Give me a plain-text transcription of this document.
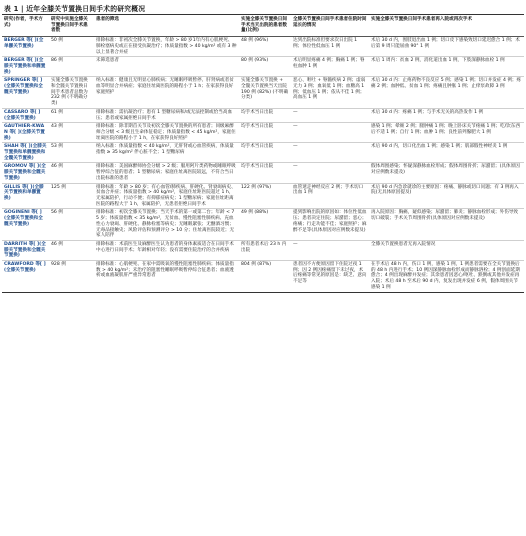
表 1 | 近年全膝关节置换日间手术的研究概况
研究(作者，手术方式)	研究中实施全膝关节置换日间手术患者数	患者的筛选	实施全膝关节置换日间手术当天出院的患者数量(比例)	全膝关节置换日间手术患者住院时间延长的情况	实施全膝关节置换日间手术患者再入院或再次手术
BERGER 等[ ](全单髁关节置换)	50 例	排除标准：非初次全膝关节置换，年龄 > 80 岁1年内有心肌梗死、肺栓塞病史或正在接受抗凝治疗；体质量指数 > 40 kg/m² 或有 3 种以上显著合并症	48 例 (96%)	达到出院标准但要求次日出院 1 例；体位性低血压 1 例	术后 30 d 内，围肢退出血 1 例；切口皮下感染致切口延迟愈合 1 例；术后第 9 周只能屈曲 90° 1 例
BERGER 等[ ](全膝关节置换和单髁置换)	86 例	未筛选患者	80 例 (93%)	术后明显疼痛 4 例；胸痛 1 例；脊柱血肿 1 例	术后 1 周内：贫血 2 例，消化道出血 1 例，下肢深静脉血栓 1 例
SPRINGER 等[ ](全膝关节置换和全髋关节置换)	实施全膝关节置换和全髋关节置换日间手术患者总数为 232 例 (不明确分类)	纳入标准：健康且无明显心肺疾病；无睡眠呼吸暂停、肝肾病或者贫血等明显合并病症；家庭住址离医院的路程小于 1 h；在家获得良好家庭照护	实施全膝关节置换 + 全髋关节置换当天出院 190 例 (82%) (不明确分类)	恶心、呕吐 + 脊髓疾病 2 例；虚弱无力 3 例；血氧低 1 例；血糖高 1 例；低血压 1 例；依从不佳 1 例；高血压 1 例	术后 30 d 内：止疼药物不良反应 5 例；感染 1 例；切口并发症 4 例；疼痛 2 例；血肿低、贫血 1 例；疼痛且肿胀 1 例；止痒泵故障 3 例
CASSARO 等[ ](全膝关节置换)	61 例	排除标准：需抗凝治疗；患有 1 型糖尿病和/或无法控制或恰当高血压；患者或家属拒绝日间手术	均手术当日出院	—	术后 30 d 内：疼痛 1 例；与手术无关的高热发作 1 例
GAUTHIER-KWAN 等[ ](全膝关节置换)	43 例	排除标准：除非期首关节及初次全膝关节置换的所有患者；同级麻醉师合分级 < 3 级且生命体征稳定；体质量指数 < 45 kg/m²，家庭住址离医院的路程小于 1 h，在家获得良好照护	均手术当日出院	—	感染 1 例；晕厥 2 例；腿肿痛 1 例；晚上卧床关节疼痛 1 例；吃/饮东西后不适 1 例；自行 1 例；血肿 1 例；良性前列腺肥大 1 例
SHAH 等[ ](全膝关节置换和单髁置换和全髋关节置换)	53 例	纳入标准：体质量指数 < 40 kg/m²，无肝肾或心血管疾病，体质量指数 ≥ 35 kg/m² 伴心脏不全；1 型糖尿病	均手术当日出院	—	术后 90 d 内，切口化出血 1 例；感染 1 例；肌部假性神经炎 1 例
GROMOV 等[ ](全膝关节置换和全髋关节置换)	46 例	排除标准：美国麻醉师协会分级 > 2 级；服用阿片类药物或睡眠呼吸暂停综合征的患者；1 型糖尿病；家庭住址离医院较远，不符合当日出院标准的患者	均手术当日出院	—	假体周围感染；怀疑深静脉血栓形成；假体周围骨折；尿潴留；(具体原因对应例数未提及)
GILLIS 等[ ](全膝关节置换和单髁置换)	125 例	排除标准：年龄 > 80 岁；有心血管/肺疾病、肝硬化、肾衰竭病史、贫血合并症；体质量指数 > 40 kg/m²，家庭住址距医院超过 1 h，无家属陪护，行动不便；有抑郁症病史；1 型糖尿病；家庭住址距离医院的路程大于 1 h，家属陪护，无患者拒绝日间手术	122 例 (97%)	血管迷走神经反应 2 例；手术切口出血 1 例	术后 90 d 内急诊就诊的主要原因：疼痛、静脉或切口问题；有 3 例再入院(无具体原因提及)
GOGINENI 等[ ](全膝关节置换和全髋关节置换)	56 例	排除标准：初次全膝关节置换；当天手术的第一或第二台；年龄 < 75 岁；体质量指数 < 35 kg/m²，无贫血、慢性阻塞性肺疾病、充血性心力衰竭、肝硬化、静脉栓塞等病史；无睡眠紧张；无酗酒习惯；无毒品接触史；风险评估和预测评分 > 10 分；住址离医院较近；无家人陪伴	49 例 (88%)	提到影响出院的原因如：体位性低血压；患者决定住院；尿潴留；恶心；疼痛；行走功能不佳；家庭照护；麻醉不足等(具体原因对应例数未提及)	再入院原因：胸痛，疑似感染；尿潴留；肺炎；静脉血栓形成；外伤导致切口破裂；手术关节周围骨折(具体原因对应例数未提及)
DARRITH 等[ ](全膝关节置换和全髋关节置换)	46 例	排除标准：术前医生及麻醉医生认为患者的身体素质适合在日间手术中心进行日间手术；年龄相对年轻；没有需要住院治疗的合并疾病	所有患者术后 23 h 内出院	—	全膝关节置换患者无再入院情况
CRAWFORD 等[ ](全膝关节置换)	928 例	排除标准：心肌梗死、在家中需吸氧的慢性阻塞性肺疾病；体质量指数 > 40 kg/m²；未治疗的阻塞性睡眠呼吸暂停综合征患者；血液透析或血液凝肌肝严重异常患者	804 例 (87%)	患者因不方便原因留下住院过夜 1 例；因 2 例因疼痛留下未过夜，术后疼痛等常见的原因是：缺乏、意向不足等	在手术后 48 h 内，伤口 1 例，感染 1 例，1 例患者需要在全关节置换后的 48 h 内进行手术；10 例因深静脉血栓形成而静脉溶栓；4 例创面延期愈合；4 例出现麻醉并发症；其余患者因恶心/呕吐、跌倒或其他并发症再入院；术后 48 h 至术后 90 d 内，复发出现并发症 6 例，假体周围关节感染 1 例
